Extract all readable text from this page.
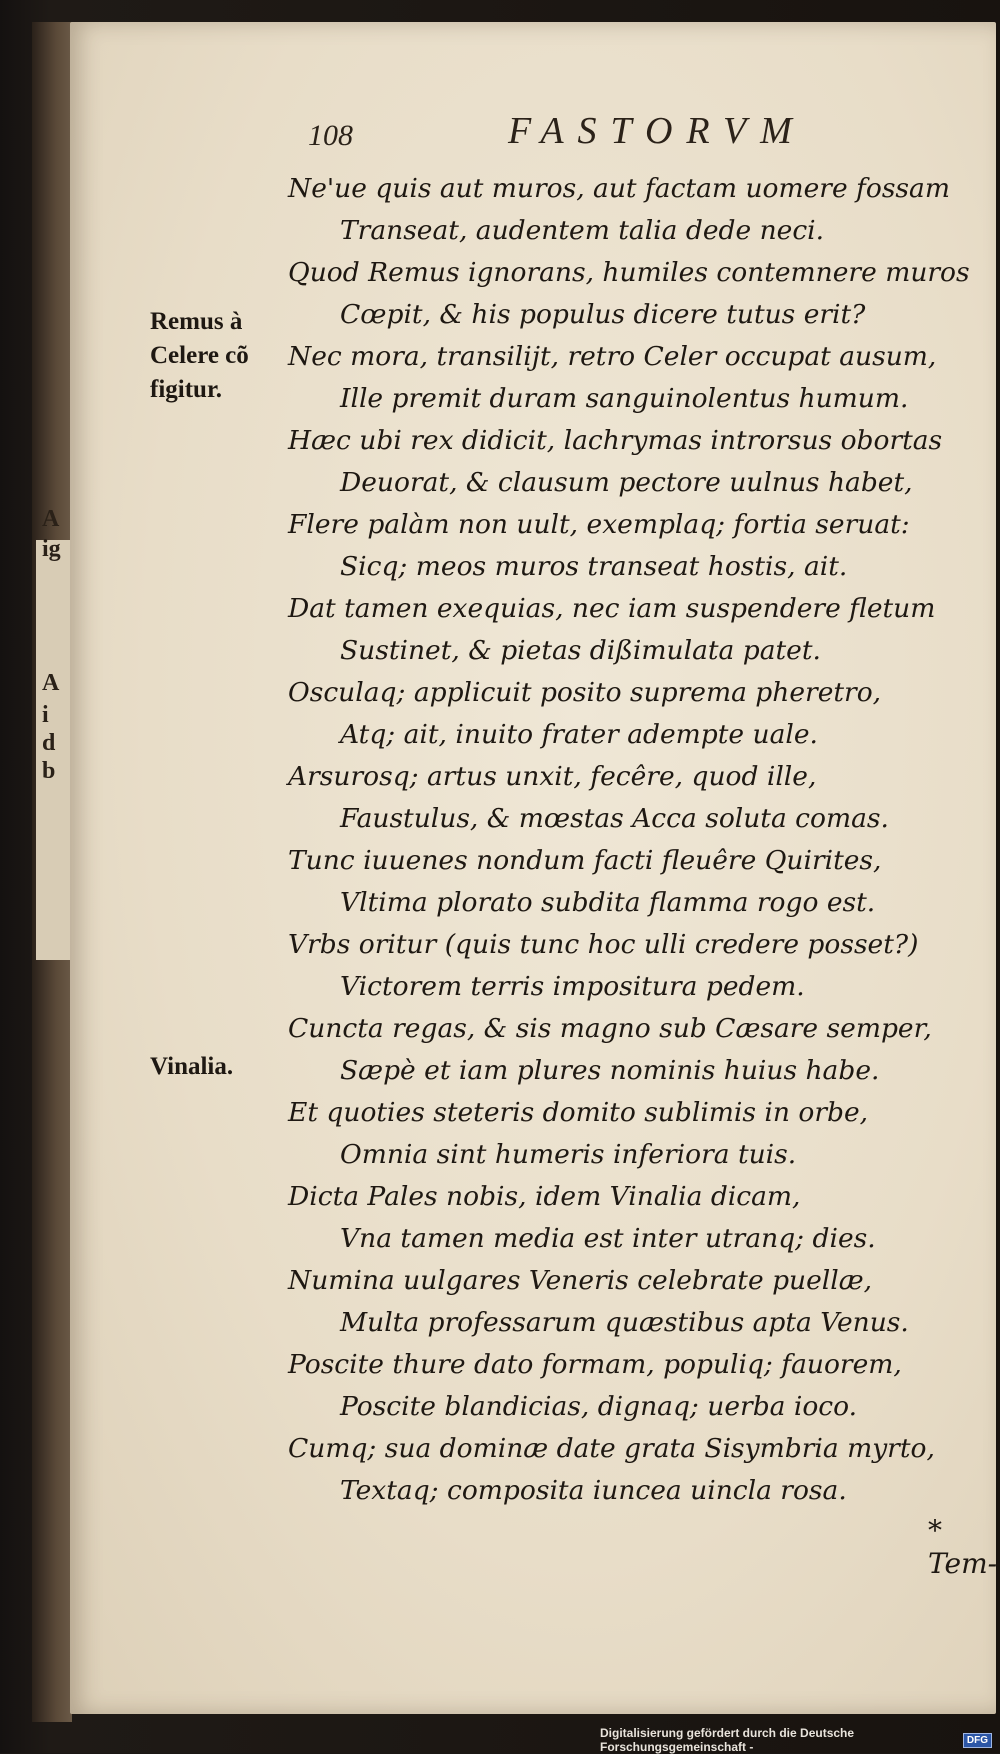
A
ig
A
i
d
b
108	FASTORVM
Ne'ue quis aut muros, aut factam uomere fossam
Transeat, audentem talia dede neci.
Quod Remus ignorans, humiles contemnere muros
Cœpit, & his populus dicere tutus erit?
Nec mora, transilijt, retro Celer occupat ausum,
Ille premit duram sanguinolentus humum.
Hæc ubi rex didicit, lachrymas introrsus obortas
Deuorat, & clausum pectore uulnus habet,
Flere palàm non uult, exemplaq; fortia seruat:
Sicq; meos muros transeat hostis, ait.
Dat tamen exequias, nec iam suspendere fletum
Sustinet, & pietas dißimulata patet.
Osculaq; applicuit posito suprema pheretro,
Atq; ait, inuito frater adempte uale.
Arsurosq; artus unxit, fecêre, quod ille,
Faustulus, & mœstas Acca soluta comas.
Tunc iuuenes nondum facti fleuêre Quirites,
Vltima plorato subdita flamma rogo est.
Vrbs oritur (quis tunc hoc ulli credere posset?)
Victorem terris impositura pedem.
Cuncta regas, & sis magno sub Cæsare semper,
Sæpè et iam plures nominis huius habe.
Et quoties steteris domito sublimis in orbe,
Omnia sint humeris inferiora tuis.
Dicta Pales nobis, idem Vinalia dicam,
Vna tamen media est inter utranq; dies.
Numina uulgares Veneris celebrate puellæ,
Multa professarum quæstibus apta Venus.
Poscite thure dato formam, populiq; fauorem,
Poscite blandicias, dignaq; uerba ioco.
Cumq; sua dominæ date grata Sisymbria myrto,
Textaq; composita iuncea uincla rosa.
Remus à
Celere cõ
figitur.
Vinalia.
* Tem-
Digitalisierung gefördert durch die Deutsche Forschungsgemeinschaft -	DFG
